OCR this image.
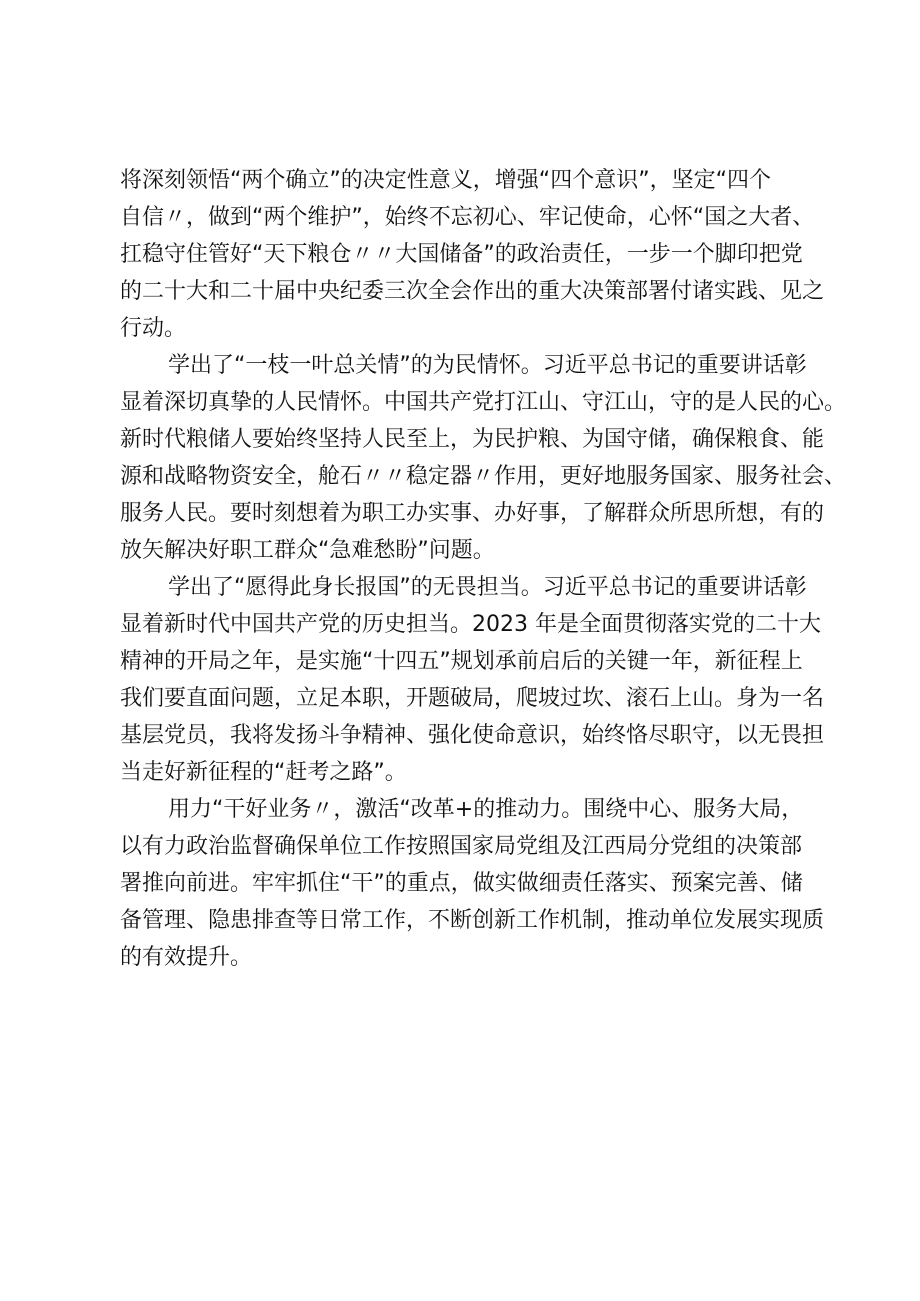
将深刻领悟“两个确立”的决定性意义，增强“四个意识”，坚定“四个
自信〃，做到“两个维护”，始终不忘初心、牢记使命，心怀“国之大者、
扛稳守住管好“天下粮仓〃〃大国储备”的政治责任，一步一个脚印把党
的二十大和二十届中央纪委三次全会作出的重大决策部署付诸实践、见之
行动。
学出了“一枝一叶总关情”的为民情怀。习近平总书记的重要讲话彰
显着深切真挚的人民情怀。中国共产党打江山、守江山，守的是人民的心。
新时代粮储人要始终坚持人民至上，为民护粮、为国守储，确保粮食、能
源和战略物资安全，舱石〃〃稳定器〃作用，更好地服务国家、服务社会、
服务人民。要时刻想着为职工办实事、办好事，了解群众所思所想，有的
放矢解决好职工群众“急难愁盼”问题。
学出了“愿得此身长报国”的无畏担当。习近平总书记的重要讲话彰
显着新时代中国共产党的历史担当。2023 年是全面贯彻落实党的二十大
精神的开局之年，是实施“十四五”规划承前启后的关键一年，新征程上
我们要直面问题，立足本职，开题破局，爬坡过坎、滚石上山。身为一名
基层党员，我将发扬斗争精神、强化使命意识，始终恪尽职守，以无畏担
当走好新征程的“赶考之路”。
用力“干好业务〃，激活“改革+的推动力。围绕中心、服务大局，
以有力政治监督确保单位工作按照国家局党组及江西局分党组的决策部
署推向前进。牢牢抓住“干”的重点，做实做细责任落实、预案完善、储
备管理、隐患排查等日常工作，不断创新工作机制，推动单位发展实现质
的有效提升。
